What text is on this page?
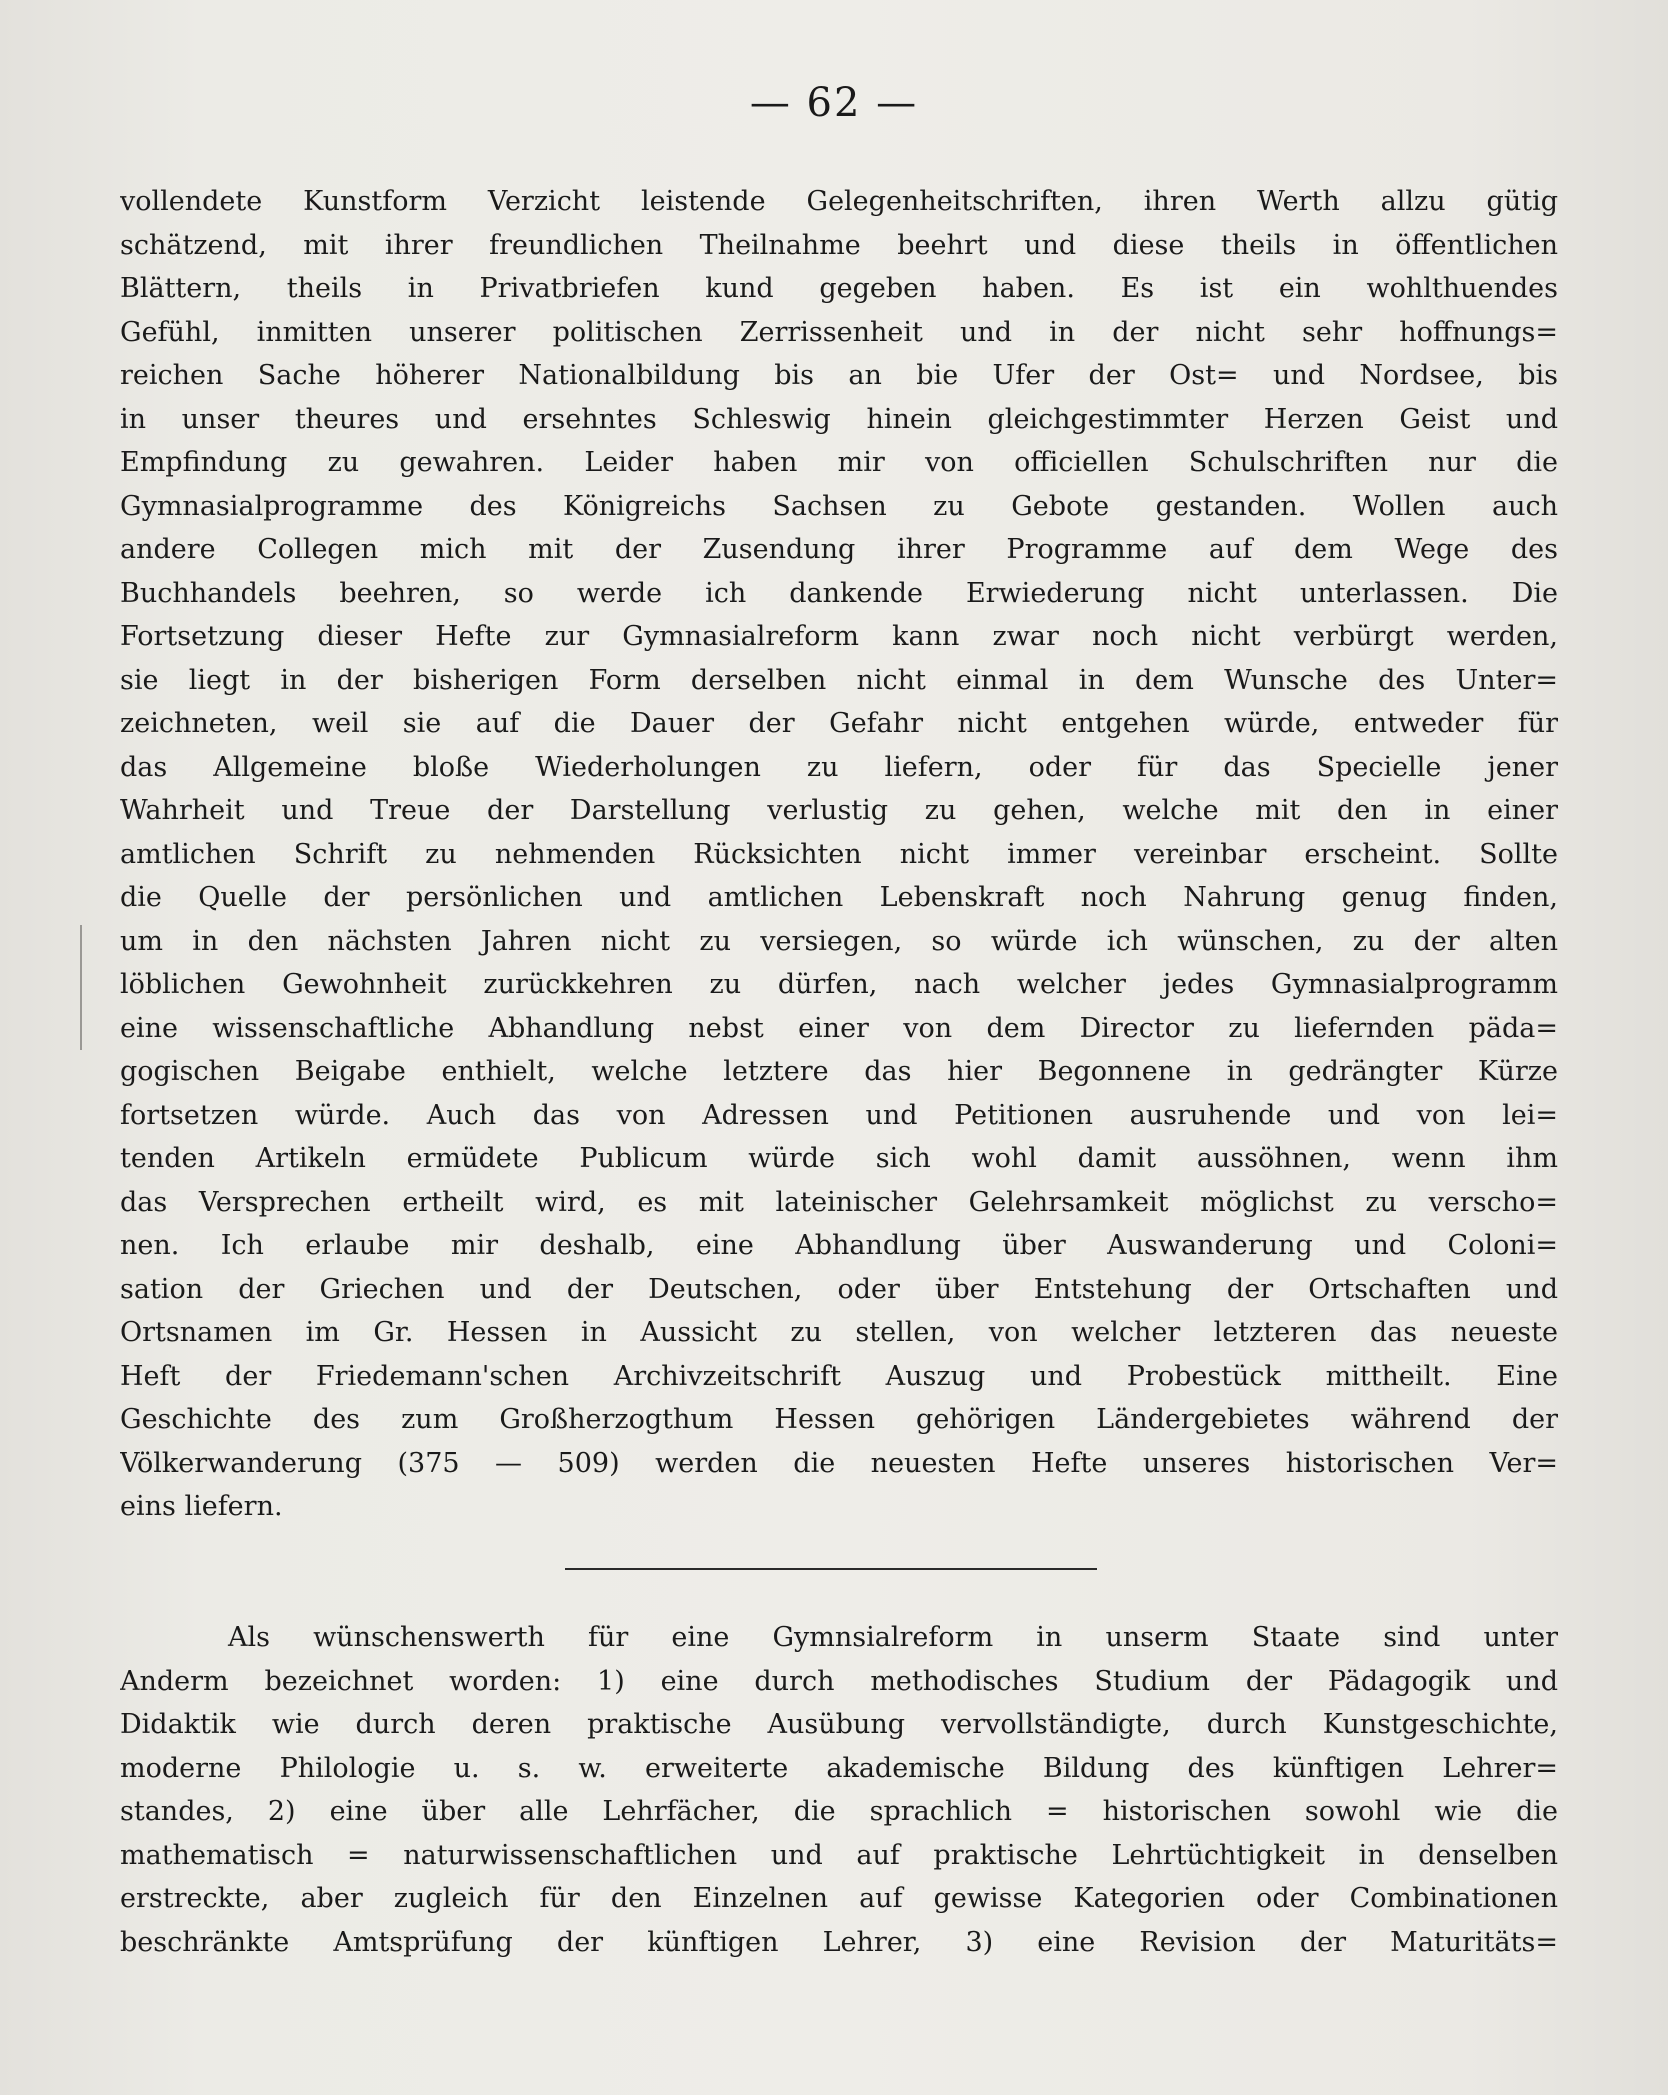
— 62 —
vollendete Kunstform Verzicht leistende Gelegenheitschriften, ihren Werth allzu gütig
schätzend, mit ihrer freundlichen Theilnahme beehrt und diese theils in öffentlichen
Blättern, theils in Privatbriefen kund gegeben haben. Es ist ein wohlthuendes
Gefühl, inmitten unserer politischen Zerrissenheit und in der nicht sehr hoffnungs=
reichen Sache höherer Nationalbildung bis an bie Ufer der Ost= und Nordsee, bis
in unser theures und ersehntes Schleswig hinein gleichgestimmter Herzen Geist und
Empfindung zu gewahren. Leider haben mir von officiellen Schulschriften nur die
Gymnasialprogramme des Königreichs Sachsen zu Gebote gestanden. Wollen auch
andere Collegen mich mit der Zusendung ihrer Programme auf dem Wege des
Buchhandels beehren, so werde ich dankende Erwiederung nicht unterlassen. Die
Fortsetzung dieser Hefte zur Gymnasialreform kann zwar noch nicht verbürgt werden,
sie liegt in der bisherigen Form derselben nicht einmal in dem Wunsche des Unter=
zeichneten, weil sie auf die Dauer der Gefahr nicht entgehen würde, entweder für
das Allgemeine bloße Wiederholungen zu liefern, oder für das Specielle jener
Wahrheit und Treue der Darstellung verlustig zu gehen, welche mit den in einer
amtlichen Schrift zu nehmenden Rücksichten nicht immer vereinbar erscheint. Sollte
die Quelle der persönlichen und amtlichen Lebenskraft noch Nahrung genug finden,
um in den nächsten Jahren nicht zu versiegen, so würde ich wünschen, zu der alten
löblichen Gewohnheit zurückkehren zu dürfen, nach welcher jedes Gymnasialprogramm
eine wissenschaftliche Abhandlung nebst einer von dem Director zu liefernden päda=
gogischen Beigabe enthielt, welche letztere das hier Begonnene in gedrängter Kürze
fortsetzen würde. Auch das von Adressen und Petitionen ausruhende und von lei=
tenden Artikeln ermüdete Publicum würde sich wohl damit aussöhnen, wenn ihm
das Versprechen ertheilt wird, es mit lateinischer Gelehrsamkeit möglichst zu verscho=
nen. Ich erlaube mir deshalb, eine Abhandlung über Auswanderung und Coloni=
sation der Griechen und der Deutschen, oder über Entstehung der Ortschaften und
Ortsnamen im Gr. Hessen in Aussicht zu stellen, von welcher letzteren das neueste
Heft der Friedemann'schen Archivzeitschrift Auszug und Probestück mittheilt. Eine
Geschichte des zum Großherzogthum Hessen gehörigen Ländergebietes während der
Völkerwanderung (375 — 509) werden die neuesten Hefte unseres historischen Ver=
eins liefern.
Als wünschenswerth für eine Gymnsialreform in unserm Staate sind unter
Anderm bezeichnet worden: 1) eine durch methodisches Studium der Pädagogik und
Didaktik wie durch deren praktische Ausübung vervollständigte, durch Kunstgeschichte,
moderne Philologie u. s. w. erweiterte akademische Bildung des künftigen Lehrer=
standes, 2) eine über alle Lehrfächer, die sprachlich = historischen sowohl wie die
mathematisch = naturwissenschaftlichen und auf praktische Lehrtüchtigkeit in denselben
erstreckte, aber zugleich für den Einzelnen auf gewisse Kategorien oder Combinationen
beschränkte Amtsprüfung der künftigen Lehrer, 3) eine Revision der Maturitäts=
